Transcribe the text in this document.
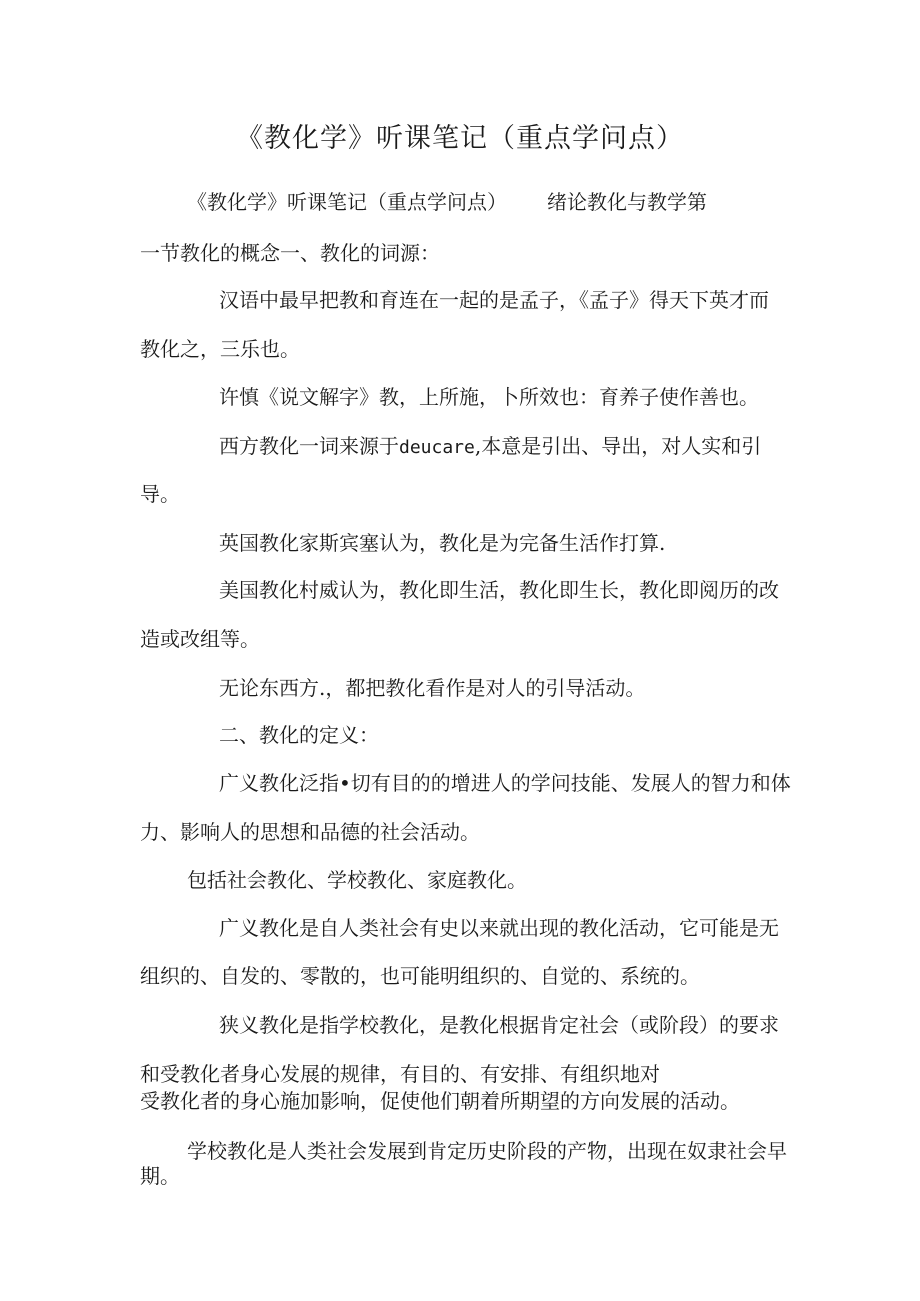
《教化学》听课笔记（重点学问点）
《教化学》听课笔记（重点学问点） 绪论教化与教学第
一节教化的概念一、教化的词源：
汉语中最早把教和育连在一起的是孟子，《孟子》得天下英才而
教化之，三乐也。
许慎《说文解字》教，上所施，卜所效也：育养子使作善也。
西方教化一词来源于deucare,本意是引出、导出，对人实和引
导。
英国教化家斯宾塞认为，教化是为完备生活作打算.
美国教化村威认为，教化即生活，教化即生长，教化即阅历的改
造或改组等。
无论东西方.，都把教化看作是对人的引导活动。
二、教化的定义：
广义教化泛指•切有目的的增进人的学问技能、发展人的智力和体
力、影响人的思想和品德的社会活动。
包括社会教化、学校教化、家庭教化。
广义教化是自人类社会有史以来就出现的教化活动，它可能是无
组织的、自发的、零散的，也可能明组织的、自觉的、系统的。
狭义教化是指学校教化，是教化根据肯定社会（或阶段）的要求
和受教化者身心发展的规律，有目的、有安排、有组织地对
受教化者的身心施加影响，促使他们朝着所期望的方向发展的活动。
学校教化是人类社会发展到肯定历史阶段的产物，出现在奴隶社会早
期。
